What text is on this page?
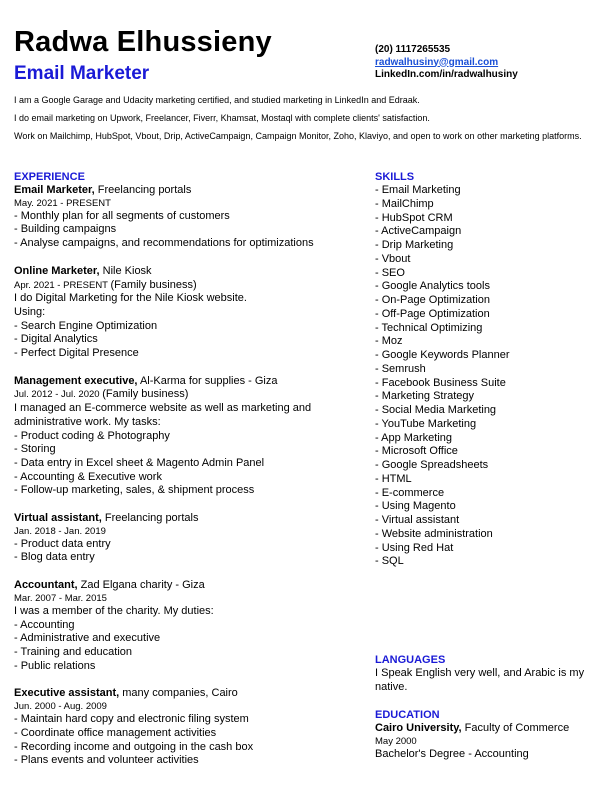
Radwa Elhussieny
Email Marketer
(20) 1117265535
radwalhusiny@gmail.com
LinkedIn.com/in/radwalhusiny

I am a Google Garage and Udacity marketing certified, and studied marketing in LinkedIn and Edraak.

I do email marketing on Upwork, Freelancer, Fiverr, Khamsat, Mostaql with complete clients' satisfaction.

Work on Mailchimp, HubSpot, Vbout, Drip, ActiveCampaign, Campaign Monitor, Zoho, Klaviyo, and open to work on other marketing platforms.

EXPERIENCE
Email Marketer, Freelancing portals
May. 2021 - PRESENT
- Monthly plan for all segments of customers
- Building campaigns
- Analyse campaigns, and recommendations for optimizations
Online Marketer, Nile Kiosk
Apr. 2021 - PRESENT (Family business)
I do Digital Marketing for the Nile Kiosk website.
Using:
- Search Engine Optimization
- Digital Analytics
- Perfect Digital Presence
Management executive, Al-Karma for supplies - Giza
Jul. 2012 - Jul. 2020 (Family business)
I managed an E-commerce website as well as marketing and
administrative work. My tasks:
- Product coding & Photography
- Storing
- Data entry in Excel sheet & Magento Admin Panel
- Accounting & Executive work
- Follow-up marketing, sales, & shipment process
Virtual assistant, Freelancing portals
Jan. 2018 - Jan. 2019
- Product data entry
- Blog data entry
Accountant, Zad Elgana charity - Giza
Mar. 2007 - Mar. 2015
I was a member of the charity. My duties:
- Accounting
- Administrative and executive
- Training and education
- Public relations
Executive assistant, many companies, Cairo
Jun. 2000 - Aug. 2009
- Maintain hard copy and electronic filing system
- Coordinate office management activities
- Recording income and outgoing in the cash box
- Plans events and volunteer activities
SKILLS
- Email Marketing
- MailChimp
- HubSpot CRM
- ActiveCampaign
- Drip Marketing
- Vbout
- SEO
- Google Analytics tools
- On-Page Optimization
- Off-Page Optimization
- Technical Optimizing
- Moz
- Google Keywords Planner
- Semrush
- Facebook Business Suite
- Marketing Strategy
- Social Media Marketing
- YouTube Marketing
- App Marketing
- Microsoft Office
- Google Spreadsheets
- HTML
- E-commerce
- Using Magento
- Virtual assistant
- Website administration
- Using Red Hat
- SQL
LANGUAGES
I Speak English very well, and Arabic is my native.
EDUCATION
Cairo University, Faculty of Commerce
May 2000
Bachelor's Degree - Accounting
